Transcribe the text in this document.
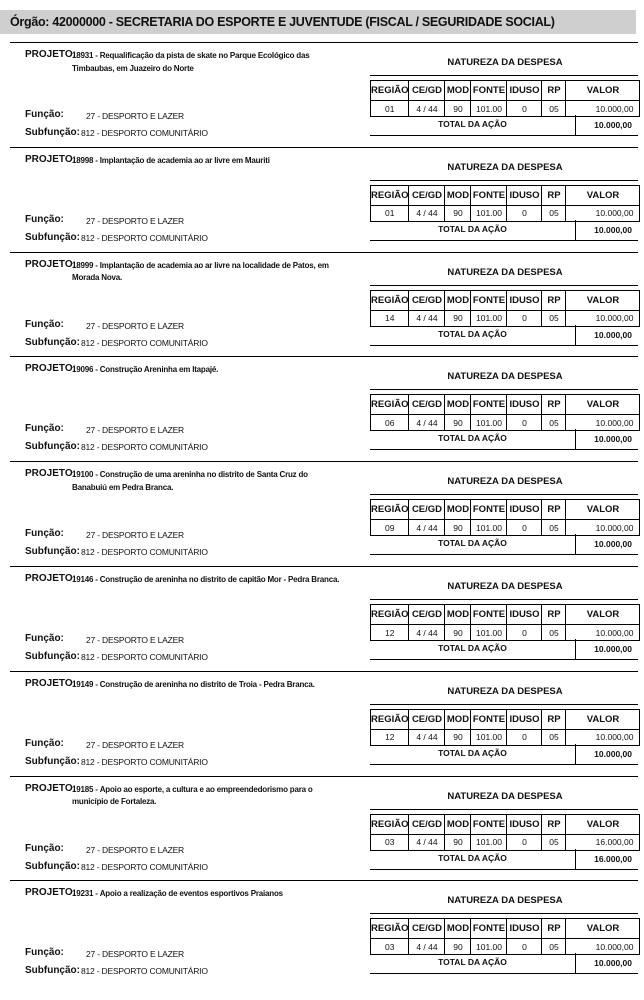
Órgão: 42000000 - SECRETARIA DO ESPORTE E JUVENTUDE (FISCAL / SEGURIDADE SOCIAL)
PROJETO:
18931 - Requalificação da pista de skate no Parque Ecológico das Timbaubas, em Juazeiro do Norte
Função:	27 - DESPORTO E LAZER
Subfunção: 812 - DESPORTO COMUNITÁRIO
NATUREZA DA DESPESA
REGIÃO	CE/GD	MOD	FONTE	IDUSO	RP	VALOR
01	4 / 44	90	101.00	0	05	10.000,00
TOTAL DA AÇÃO	10.000,00
PROJETO:
18998 - Implantação de academia ao ar livre em Mauriti
Função:	27 - DESPORTO E LAZER
Subfunção: 812 - DESPORTO COMUNITÁRIO
NATUREZA DA DESPESA
REGIÃO	CE/GD	MOD	FONTE	IDUSO	RP	VALOR
01	4 / 44	90	101.00	0	05	10.000,00
TOTAL DA AÇÃO	10.000,00
PROJETO:
18999 - Implantação de academia ao ar livre na localidade de Patos, em Morada Nova.
Função:	27 - DESPORTO E LAZER
Subfunção: 812 - DESPORTO COMUNITÁRIO
NATUREZA DA DESPESA
REGIÃO	CE/GD	MOD	FONTE	IDUSO	RP	VALOR
14	4 / 44	90	101.00	0	05	10.000,00
TOTAL DA AÇÃO	10.000,00
PROJETO:
19096 - Construção Areninha em Itapajé.
Função:	27 - DESPORTO E LAZER
Subfunção: 812 - DESPORTO COMUNITÁRIO
NATUREZA DA DESPESA
REGIÃO	CE/GD	MOD	FONTE	IDUSO	RP	VALOR
06	4 / 44	90	101.00	0	05	10.000,00
TOTAL DA AÇÃO	10.000,00
PROJETO:
19100 - Construção de uma areninha no distrito de Santa Cruz do Banabuiú em Pedra Branca.
Função:	27 - DESPORTO E LAZER
Subfunção: 812 - DESPORTO COMUNITÁRIO
NATUREZA DA DESPESA
REGIÃO	CE/GD	MOD	FONTE	IDUSO	RP	VALOR
09	4 / 44	90	101.00	0	05	10.000,00
TOTAL DA AÇÃO	10.000,00
PROJETO:
19146 - Construção de areninha no distrito de capitão Mor - Pedra Branca.
Função:	27 - DESPORTO E LAZER
Subfunção: 812 - DESPORTO COMUNITÁRIO
NATUREZA DA DESPESA
REGIÃO	CE/GD	MOD	FONTE	IDUSO	RP	VALOR
12	4 / 44	90	101.00	0	05	10.000,00
TOTAL DA AÇÃO	10.000,00
PROJETO:
19149 - Construção de areninha no distrito de Troia - Pedra Branca.
Função:	27 - DESPORTO E LAZER
Subfunção: 812 - DESPORTO COMUNITÁRIO
NATUREZA DA DESPESA
REGIÃO	CE/GD	MOD	FONTE	IDUSO	RP	VALOR
12	4 / 44	90	101.00	0	05	10.000,00
TOTAL DA AÇÃO	10.000,00
PROJETO:
19185 - Apoio ao esporte, a cultura e ao empreendedorismo para o município de Fortaleza.
Função:	27 - DESPORTO E LAZER
Subfunção: 812 - DESPORTO COMUNITÁRIO
NATUREZA DA DESPESA
REGIÃO	CE/GD	MOD	FONTE	IDUSO	RP	VALOR
03	4 / 44	90	101.00	0	05	16.000,00
TOTAL DA AÇÃO	16.000,00
PROJETO:
19231 - Apoio a realização de eventos esportivos Praianos
Função:	27 - DESPORTO E LAZER
Subfunção: 812 - DESPORTO COMUNITÁRIO
NATUREZA DA DESPESA
REGIÃO	CE/GD	MOD	FONTE	IDUSO	RP	VALOR
03	4 / 44	90	101.00	0	05	10.000,00
TOTAL DA AÇÃO	10.000,00
